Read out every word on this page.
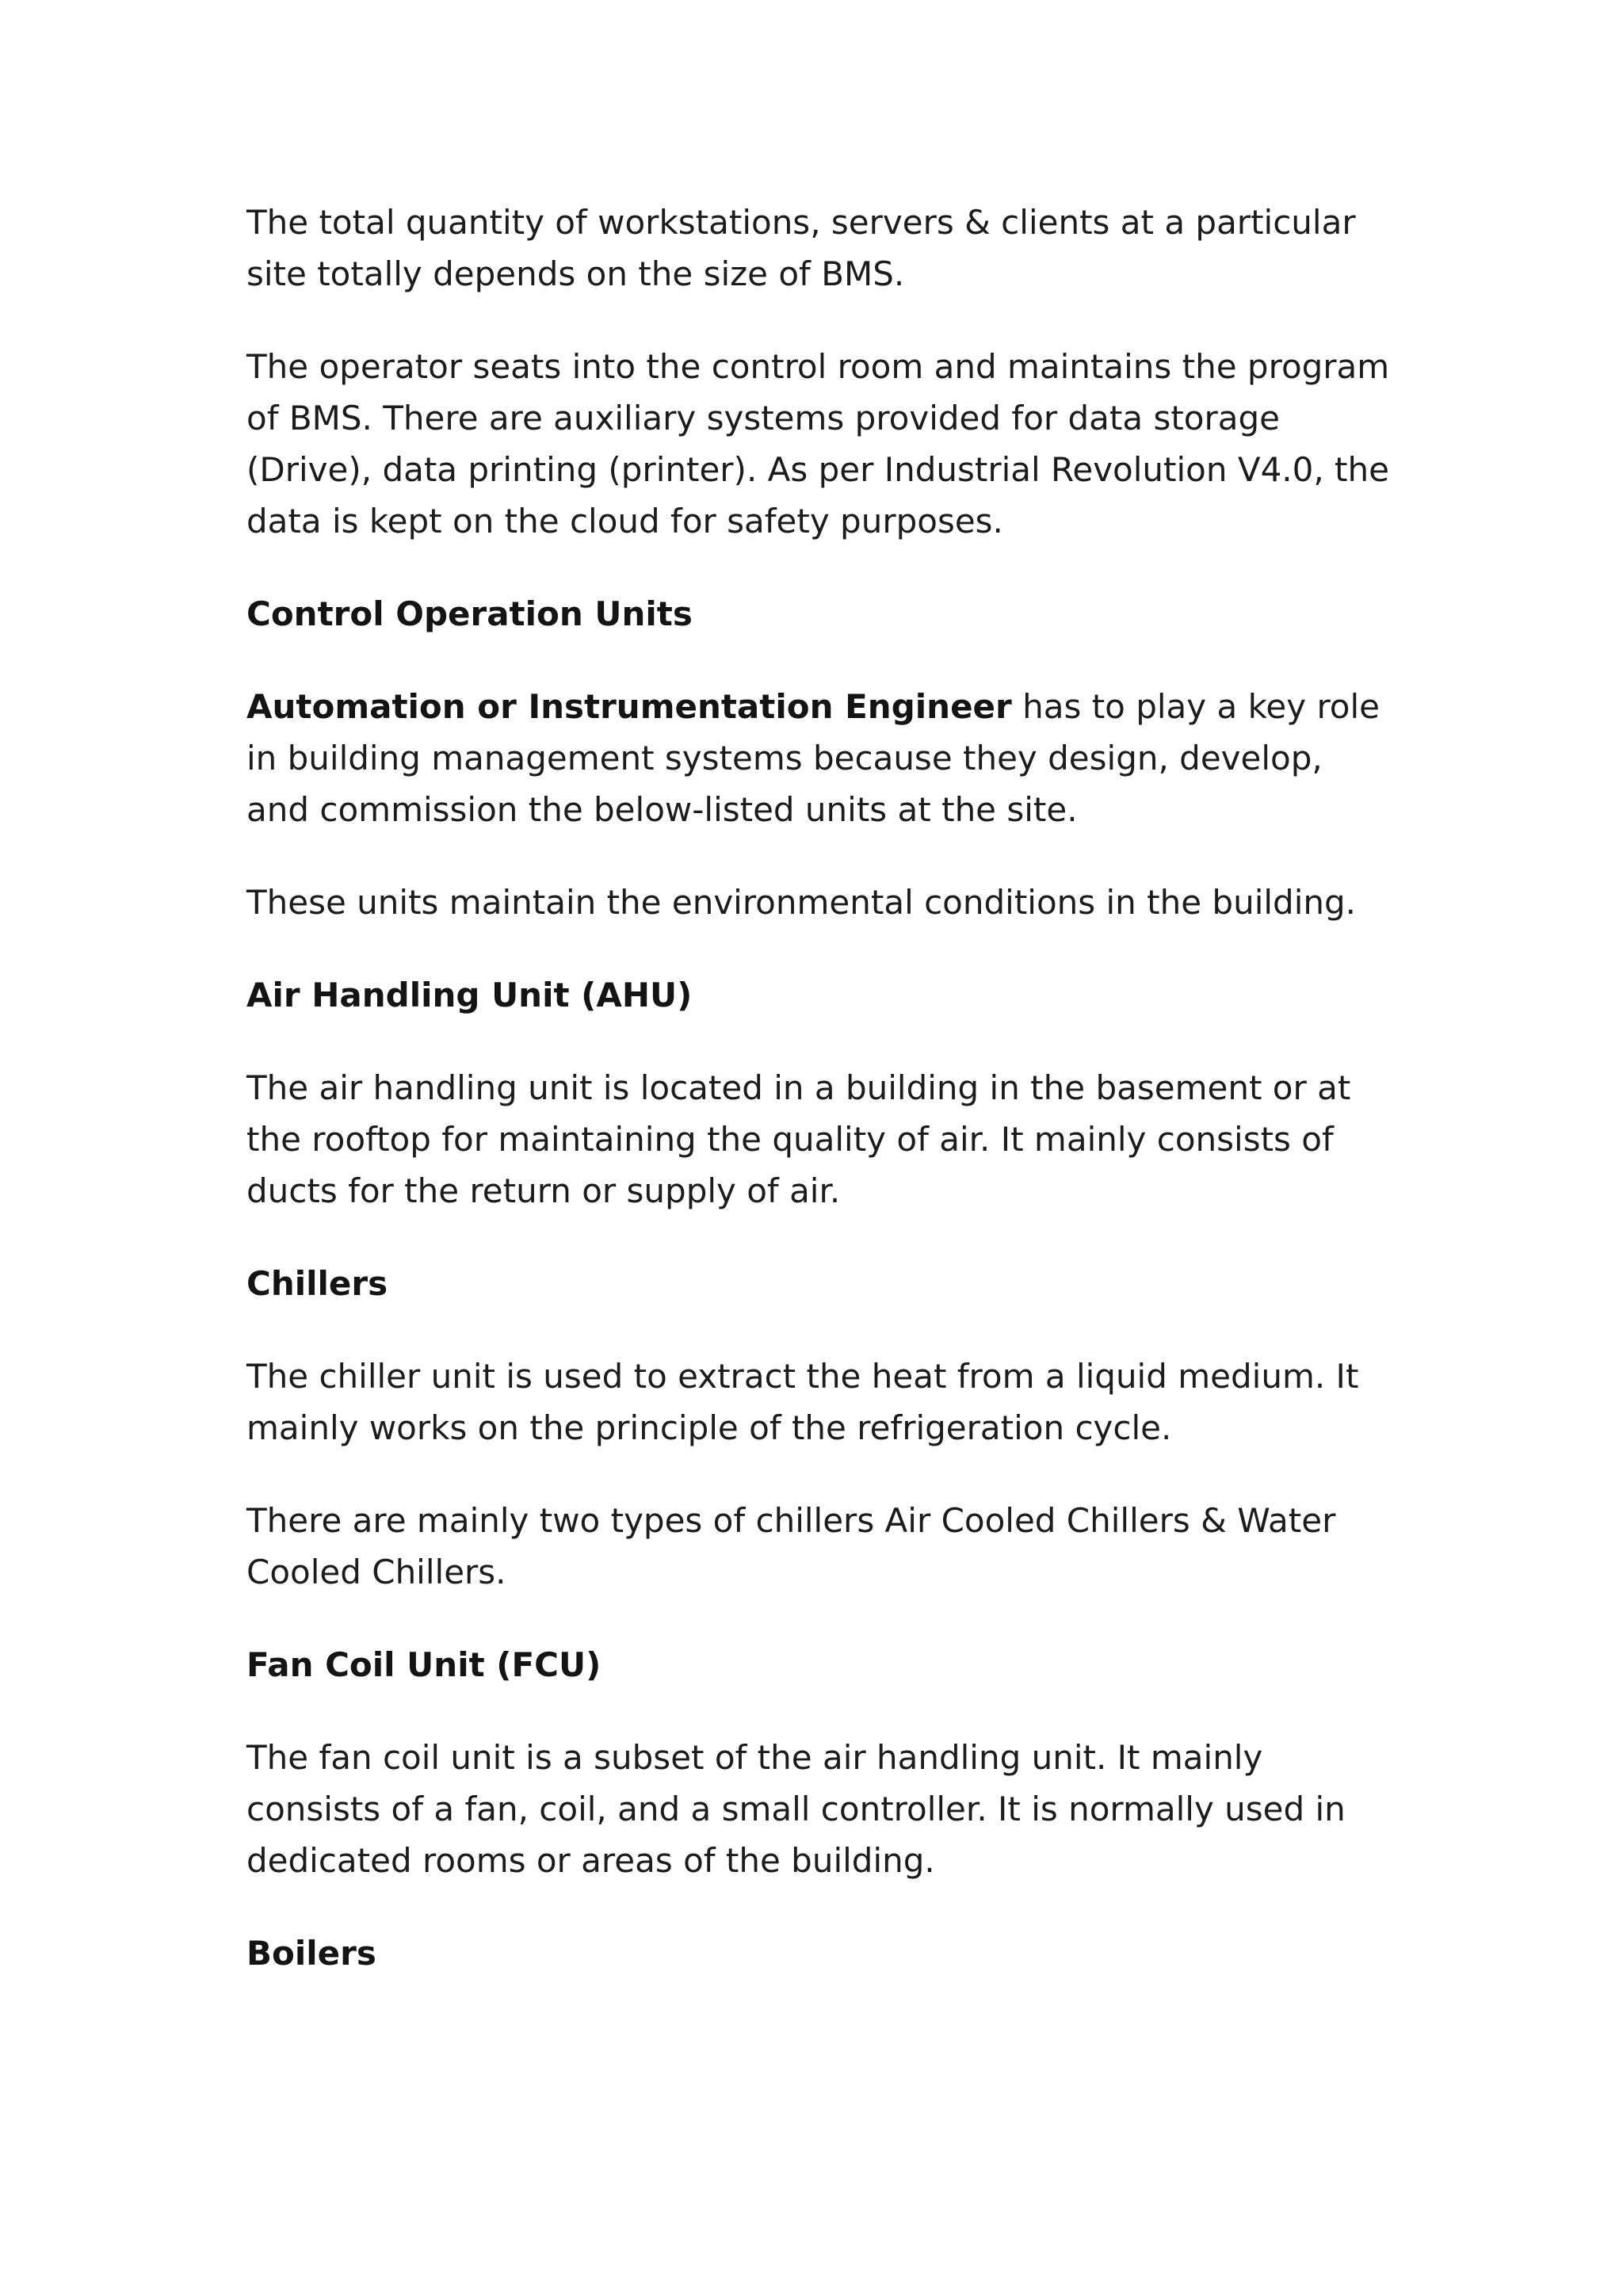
The total quantity of workstations, servers & clients at a particular site totally depends on the size of BMS.

The operator seats into the control room and maintains the program of BMS. There are auxiliary systems provided for data storage (Drive), data printing (printer). As per Industrial Revolution V4.0, the data is kept on the cloud for safety purposes.

Control Operation Units

Automation or Instrumentation Engineer has to play a key role in building management systems because they design, develop, and commission the below-listed units at the site.

These units maintain the environmental conditions in the building.

Air Handling Unit (AHU)

The air handling unit is located in a building in the basement or at the rooftop for maintaining the quality of air. It mainly consists of ducts for the return or supply of air.

Chillers

The chiller unit is used to extract the heat from a liquid medium. It mainly works on the principle of the refrigeration cycle.

There are mainly two types of chillers Air Cooled Chillers & Water Cooled Chillers.

Fan Coil Unit (FCU)

The fan coil unit is a subset of the air handling unit. It mainly consists of a fan, coil, and a small controller. It is normally used in dedicated rooms or areas of the building.

Boilers
